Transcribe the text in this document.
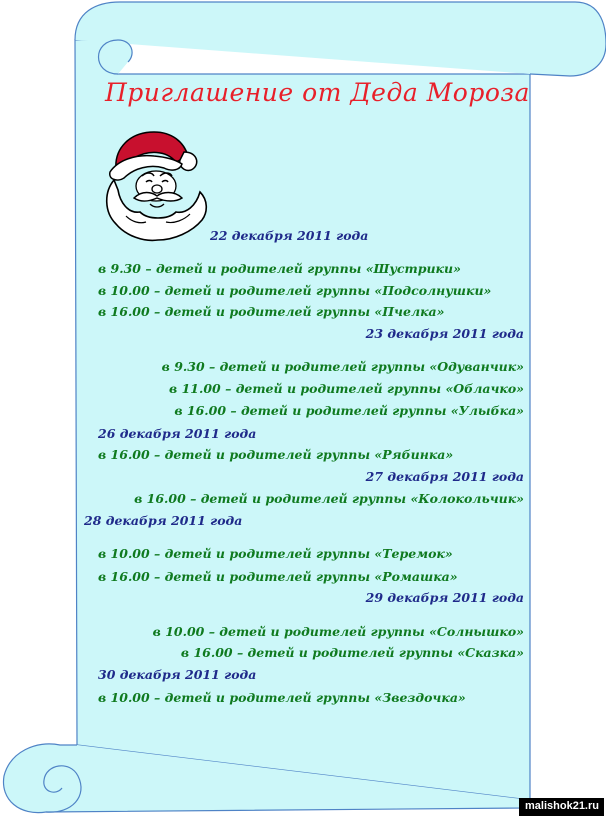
Приглашение от Деда Мороза
22 декабря 2011 года
в 9.30 – детей и родителей группы «Шустрики»
в 10.00 – детей и родителей группы «Подсолнушки»
в 16.00 – детей и родителей группы «Пчелка»
23 декабря 2011 года
в 9.30 – детей и родителей группы «Одуванчик»
в 11.00 – детей и родителей группы «Облачко»
в 16.00 – детей и родителей группы «Улыбка»
26 декабря 2011 года
в 16.00 – детей и родителей группы «Рябинка»
27 декабря 2011 года
в 16.00 – детей и родителей группы «Колокольчик»
28 декабря 2011 года
в 10.00 – детей и родителей группы «Теремок»
в 16.00 – детей и родителей группы «Ромашка»
29 декабря 2011 года
в 10.00 – детей и родителей группы «Солнышко»
в 16.00 – детей и родителей группы «Сказка»
30 декабря 2011 года
в 10.00 – детей и родителей группы «Звездочка»
malishok21.ru
